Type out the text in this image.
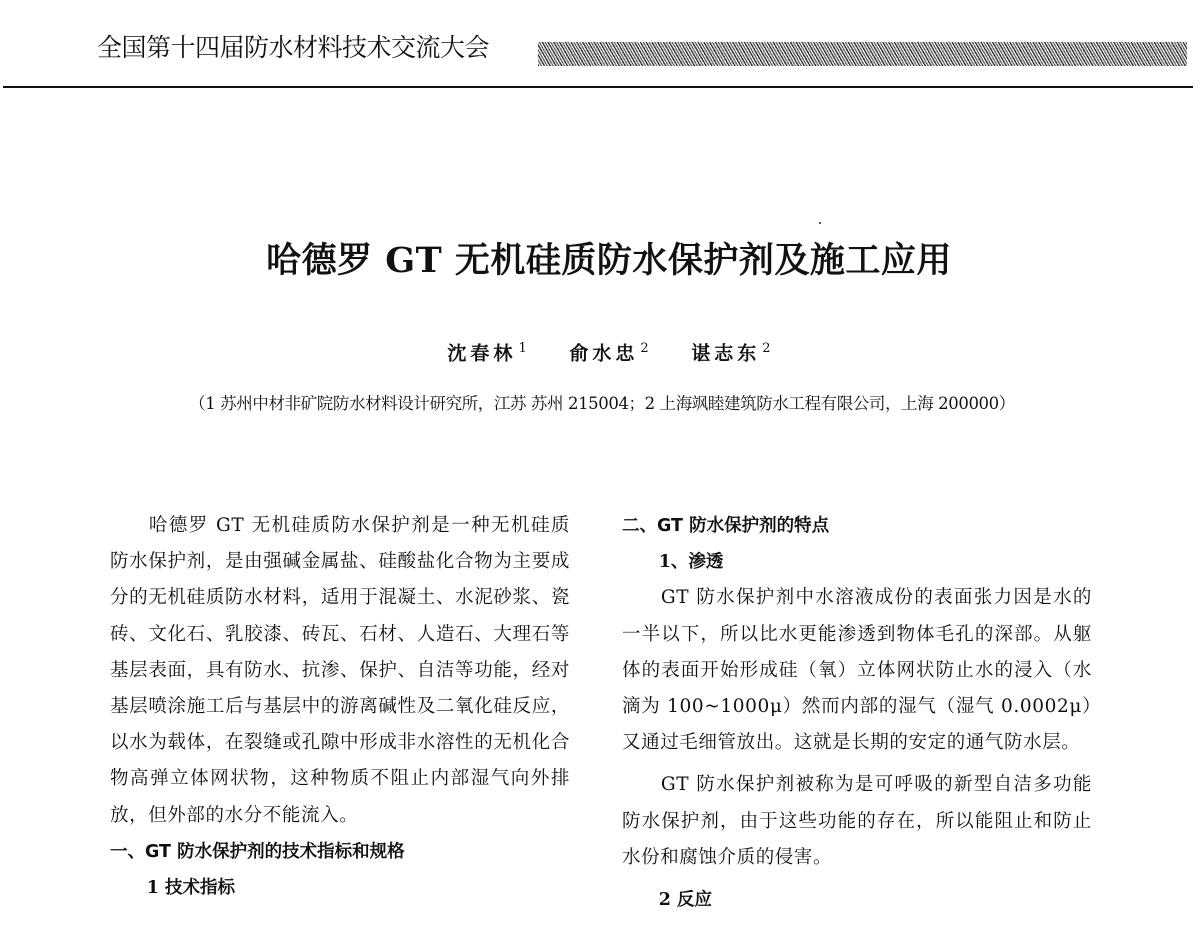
全国第十四届防水材料技术交流大会
哈德罗 GT 无机硅质防水保护剂及施工应用
沈春林 $^1$ 俞水忠 $^2$ 谌志东 $^2$
（1 苏州中材非矿院防水材料设计研究所，江苏 苏州 215004；2 上海飒睦建筑防水工程有限公司，上海 200000）

哈德罗 GT 无机硅质防水保护剂是一种无机硅质防水保护剂，是由强碱金属盐、硅酸盐化合物为主要成分的无机硅质防水材料，适用于混凝土、水泥砂浆、瓷砖、文化石、乳胶漆、砖瓦、石材、人造石、大理石等基层表面，具有防水、抗渗、保护、自洁等功能，经对基层喷涂施工后与基层中的游离碱性及二氧化硅反应，以水为载体，在裂缝或孔隙中形成非水溶性的无机化合物高弹立体网状物，这种物质不阻止内部湿气向外排放，但外部的水分不能流入。

一、GT 防水保护剂的技术指标和规格
1 技术指标
二、GT 防水保护剂的特点
1、渗透

GT 防水保护剂中水溶液成份的表面张力因是水的一半以下，所以比水更能渗透到物体毛孔的深部。从躯体的表面开始形成硅（氧）立体网状防止水的浸入（水滴为 100~1000μ）然而内部的湿气（湿气 0.0002μ）又通过毛细管放出。这就是长期的安定的通气防水层。

GT 防水保护剂被称为是可呼吸的新型自洁多功能防水保护剂，由于这些功能的存在，所以能阻止和防止水份和腐蚀介质的侵害。

2 反应
